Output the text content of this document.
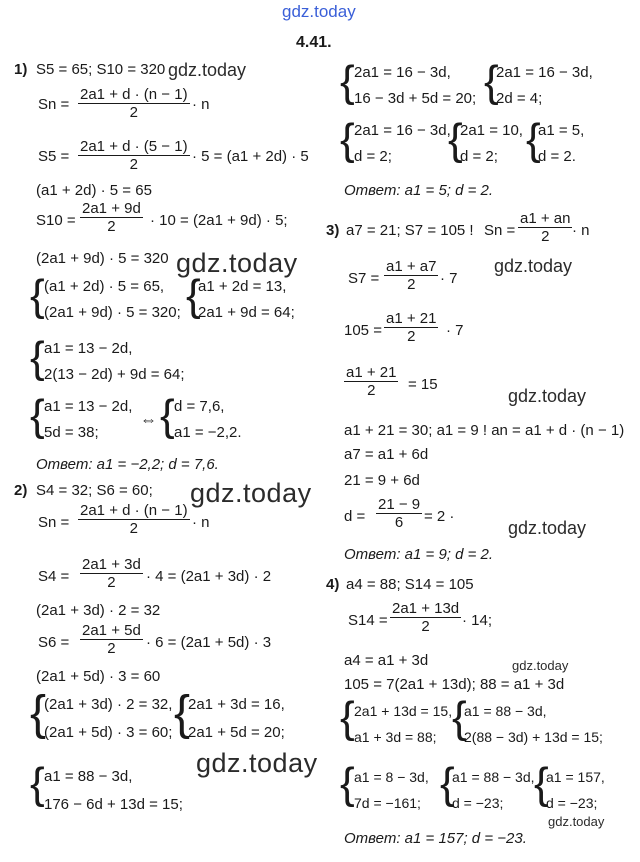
gdz.today
gdz.today
gdz.today
gdz.today
gdz.today
gdz.today
gdz.today
gdz.today
gdz.today
gdz.today
4.41.
1) S5 = 65; S10 = 320
$Sn = \frac{2a1 + d \cdot (n - 1)}{2} \cdot n$
$S5 = \frac{2a1 + d \cdot (5 - 1)}{2} \cdot 5 = (a1 + 2d) \cdot 5$
(a1 + 2d) · 5 = 65
$S10 = \frac{2a1 + 9d}{2} \cdot 10 = (2a1 + 9d) \cdot 5$;
(2a1 + 9d) · 5 = 320
{ (a1 + 2d) · 5 = 65,
(2a1 + 9d) · 5 = 320; {
a1 + 2d = 13,
2a1 + 9d = 64;
{ a1 = 13 − 2d,
2(13 − 2d) + 9d = 64;
{ a1 = 13 − 2d,
5d = 38;
⇔ { d = 7,6,
a1 = −2,2.
Ответ: a1 = −2,2; d = 7,6.
2) S4 = 32; S6 = 60;
$Sn = \frac{2a1 + d \cdot (n - 1)}{2} \cdot n$
$S4 = \frac{2a1 + 3d}{2} \cdot 4 = (2a1 + 3d) \cdot 2$
(2a1 + 3d) · 2 = 32
$S6 = \frac{2a1 + 5d}{2} \cdot 6 = (2a1 + 5d) \cdot 3$
(2a1 + 5d) · 3 = 60
{
(2a1 + 3d) · 2 = 32,
(2a1 + 5d) · 3 = 60; {
2a1 + 3d = 16,
2a1 + 5d = 20;
{ a1 = 88 − 3d,
176 − 6d + 13d = 15;
{ 2a1 = 16 − 3d,
16 − 3d + 5d = 20; {
2a1 = 16 − 3d,
2d = 4;
{ 2a1 = 16 − 3d,
d = 2; {
2a1 = 10,
d = 2; {
a1 = 5,
d = 2.
Ответ: a1 = 5; d = 2.
3) a7 = 21; S7 = 105 ! $Sn = \frac{a1 + an}{2} \cdot n$
$S7 = \frac{a1 + a7}{2} \cdot 7$
$105 = \frac{a1 + 21}{2} \cdot 7$
$\frac{a1 + 21}{2} = 15$
a1 + 21 = 30; a1 = 9 ! an = a1 + d · (n − 1)
a7 = a1 + 6d
21 = 9 + 6d
$d = \frac{21 - 9}{6} = 2$ ·
Ответ: a1 = 9; d = 2.
4) a4 = 88; S14 = 105
$S14 = \frac{2a1 + 13d}{2} \cdot 14$;
a4 = a1 + 3d
105 = 7(2a1 + 13d); 88 = a1 + 3d
{ 2a1 + 13d = 15,
a1 + 3d = 88; {
a1 = 88 − 3d,
2(88 − 3d) + 13d = 15;
{ a1 = 8 − 3d,
7d = −161; {
a1 = 88 − 3d,
d = −23; {
a1 = 157,
d = −23;
Ответ: a1 = 157; d = −23.
